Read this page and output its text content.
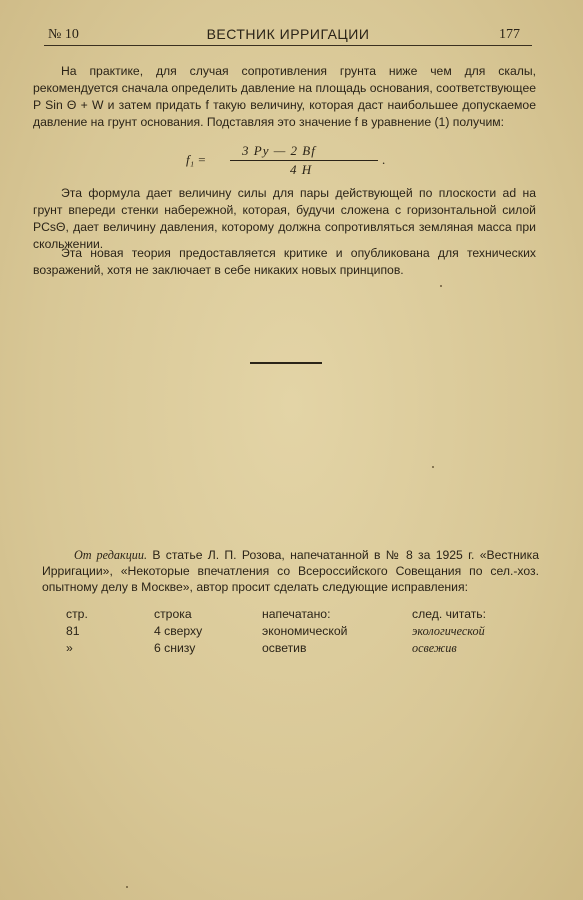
№ 10	ВЕСТНИК ИРРИГАЦИИ	177
На практике, для случая сопротивления грунта ниже чем для скалы, рекомендуется сначала определить давление на площадь основания, соответствующее P Sin Θ + W и затем придать f такую величину, которая даст наибольшее допускаемое давление на грунт основания. Подставляя это значение f в уравнение (1) получим:
f₁ =
3 Py — 2 Bf
4 H
.
Эта формула дает величину силы для пары действующей по плоскости ad на грунт впереди стенки набережной, которая, будучи сложена с горизонтальной силой PCsΘ, дает величину давления, которому должна сопротивляться земляная масса при скольжении.
Эта новая теория предоставляется критике и опубликована для технических возражений, хотя не заключает в себе никаких новых принципов.
От редакции. В статье Л. П. Розова, напечатанной в № 8 за 1925 г. «Вестника Ирригации», «Некоторые впечатления со Всероссийского Совещания по сел.-хоз. опытному делу в Москве», автор просит сделать следующие исправления:
стр.	строка	напечатано:	след. читать:
81	4 сверху	экономической	экологической
»	6 снизу	осветив	освежив
